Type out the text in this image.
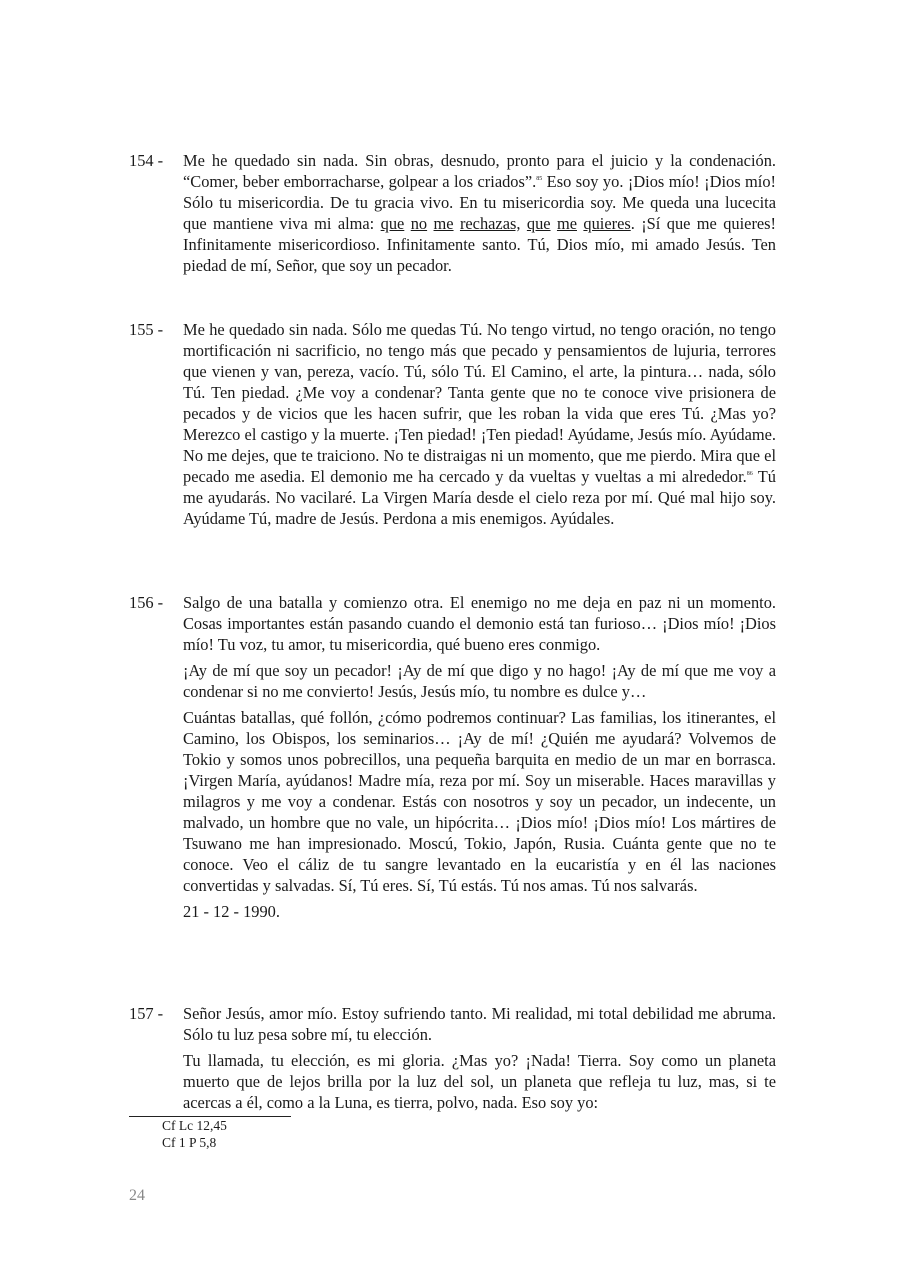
154 -	Me he quedado sin nada. Sin obras, desnudo, pronto para el juicio y la condenación. “Comer, beber emborracharse, golpear a los criados”.$^{85}$ Eso soy yo. ¡Dios mío! ¡Dios mío! Sólo tu misericordia. De tu gracia vivo. En tu misericordia soy. Me queda una lucecita que mantiene viva mi alma: que no me rechazas, que me quieres. ¡Sí que me quieres! Infinitamente misericordioso. Infinitamente santo. Tú, Dios mío, mi amado Jesús. Ten piedad de mí, Señor, que soy un pecador.

155 -	Me he quedado sin nada. Sólo me quedas Tú. No tengo virtud, no tengo oración, no tengo mortificación ni sacrificio, no tengo más que pecado y pensamientos de lujuria, terrores que vienen y van, pereza, vacío. Tú, sólo Tú. El Camino, el arte, la pintura… nada, sólo Tú. Ten piedad. ¿Me voy a condenar? Tanta gente que no te conoce vive prisionera de pecados y de vicios que les hacen sufrir, que les roban la vida que eres Tú. ¿Mas yo? Merezco el castigo y la muerte. ¡Ten piedad! ¡Ten piedad! Ayúdame, Jesús mío. Ayúdame. No me dejes, que te traiciono. No te distraigas ni un momento, que me pierdo. Mira que el pecado me asedia. El demonio me ha cercado y da vueltas y vueltas a mi alrededor.$^{86}$ Tú me ayudarás. No vacilaré. La Virgen María desde el cielo reza por mí. Qué mal hijo soy. Ayúdame Tú, madre de Jesús. Perdona a mis enemigos. Ayúdales.

156 -	Salgo de una batalla y comienzo otra. El enemigo no me deja en paz ni un momento. Cosas importantes están pasando cuando el demonio está tan furioso… ¡Dios mío! ¡Dios mío! Tu voz, tu amor, tu misericordia, qué bueno eres conmigo.

¡Ay de mí que soy un pecador! ¡Ay de mí que digo y no hago! ¡Ay de mí que me voy a condenar si no me convierto! Jesús, Jesús mío, tu nombre es dulce y…

Cuántas batallas, qué follón, ¿cómo podremos continuar? Las familias, los itinerantes, el Camino, los Obispos, los seminarios… ¡Ay de mí! ¿Quién me ayudará? Volvemos de Tokio y somos unos pobrecillos, una pequeña barquita en medio de un mar en borrasca. ¡Virgen María, ayúdanos! Madre mía, reza por mí. Soy un miserable. Haces maravillas y milagros y me voy a condenar. Estás con nosotros y soy un pecador, un indecente, un malvado, un hombre que no vale, un hipócrita… ¡Dios mío! ¡Dios mío! Los mártires de Tsuwano me han impresionado. Moscú, Tokio, Japón, Rusia. Cuánta gente que no te conoce. Veo el cáliz de tu sangre levantado en la eucaristía y en él las naciones convertidas y salvadas. Sí, Tú eres. Sí, Tú estás. Tú nos amas. Tú nos salvarás.

21 - 12 - 1990.

157 -	Señor Jesús, amor mío. Estoy sufriendo tanto. Mi realidad, mi total debilidad me abruma. Sólo tu luz pesa sobre mí, tu elección.

Tu llamada, tu elección, es mi gloria. ¿Mas yo? ¡Nada! Tierra. Soy como un planeta muerto que de lejos brilla por la luz del sol, un planeta que refleja tu luz, mas, si te acercas a él, como a la Luna, es tierra, polvo, nada. Eso soy yo:

Cf Lc 12,45
Cf 1 P 5,8
24
